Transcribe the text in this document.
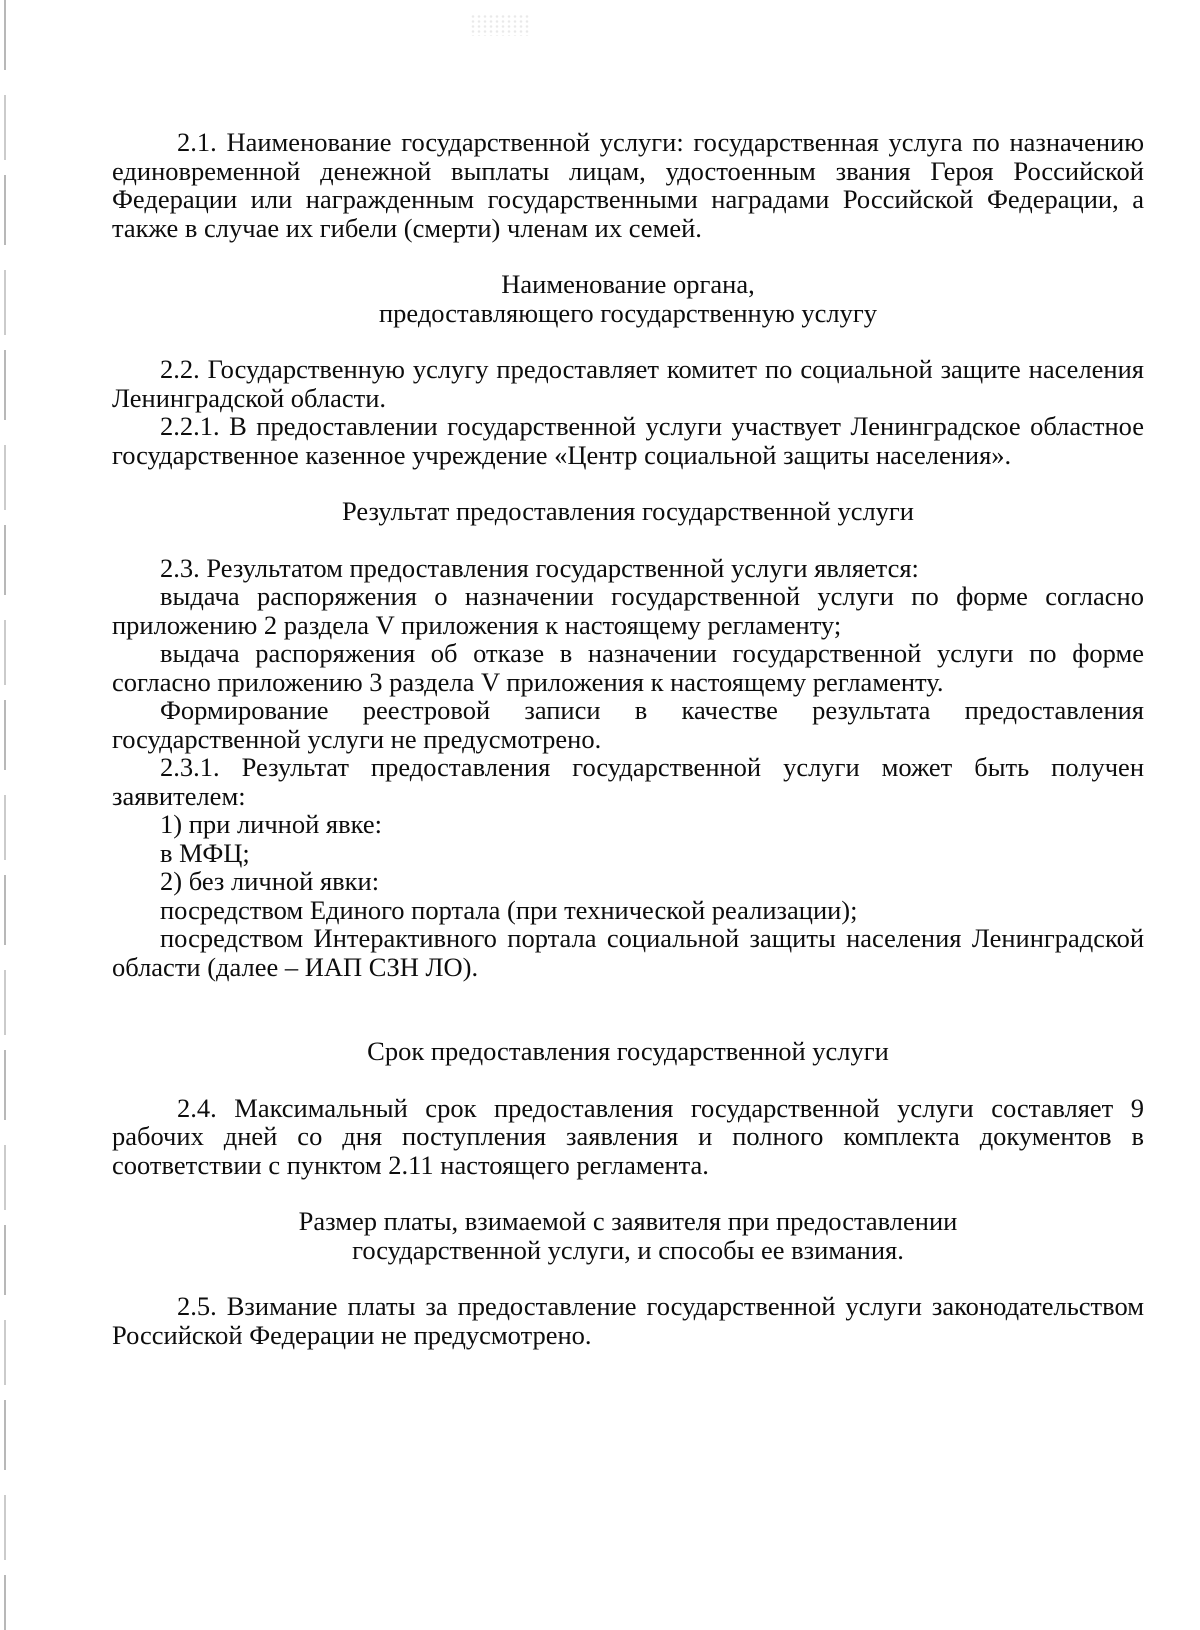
2.1. Наименование государственной услуги: государственная услуга по назначению единовременной денежной выплаты лицам, удостоенным звания Героя Российской Федерации или награжденным государственными наградами Российской Федерации, а также в случае их гибели (смерти) членам их семей.

Наименование органа,

предоставляющего государственную услугу

2.2. Государственную услугу предоставляет комитет по социальной защите населения Ленинградской области.

2.2.1. В предоставлении государственной услуги участвует Ленинградское областное государственное казенное учреждение «Центр социальной защиты населения».

Результат предоставления государственной услуги

2.3. Результатом предоставления государственной услуги является:

выдача распоряжения о назначении государственной услуги по форме согласно приложению 2 раздела V приложения к настоящему регламенту;

выдача распоряжения об отказе в назначении государственной услуги по форме согласно приложению 3 раздела V приложения к настоящему регламенту.

Формирование реестровой записи в качестве результата предоставления государственной услуги не предусмотрено.

2.3.1. Результат предоставления государственной услуги может быть получен заявителем:

1) при личной явке:

в МФЦ;

2) без личной явки:

посредством Единого портала (при технической реализации);

посредством Интерактивного портала социальной защиты населения Ленинградской области (далее – ИАП СЗН ЛО).

Срок предоставления государственной услуги

2.4. Максимальный срок предоставления государственной услуги составляет 9 рабочих дней со дня поступления заявления и полного комплекта документов в соответствии с пунктом 2.11 настоящего регламента.

Размер платы, взимаемой с заявителя при предоставлении

государственной услуги, и способы ее взимания.

2.5. Взимание платы за предоставление государственной услуги законодательством Российской Федерации не предусмотрено.
